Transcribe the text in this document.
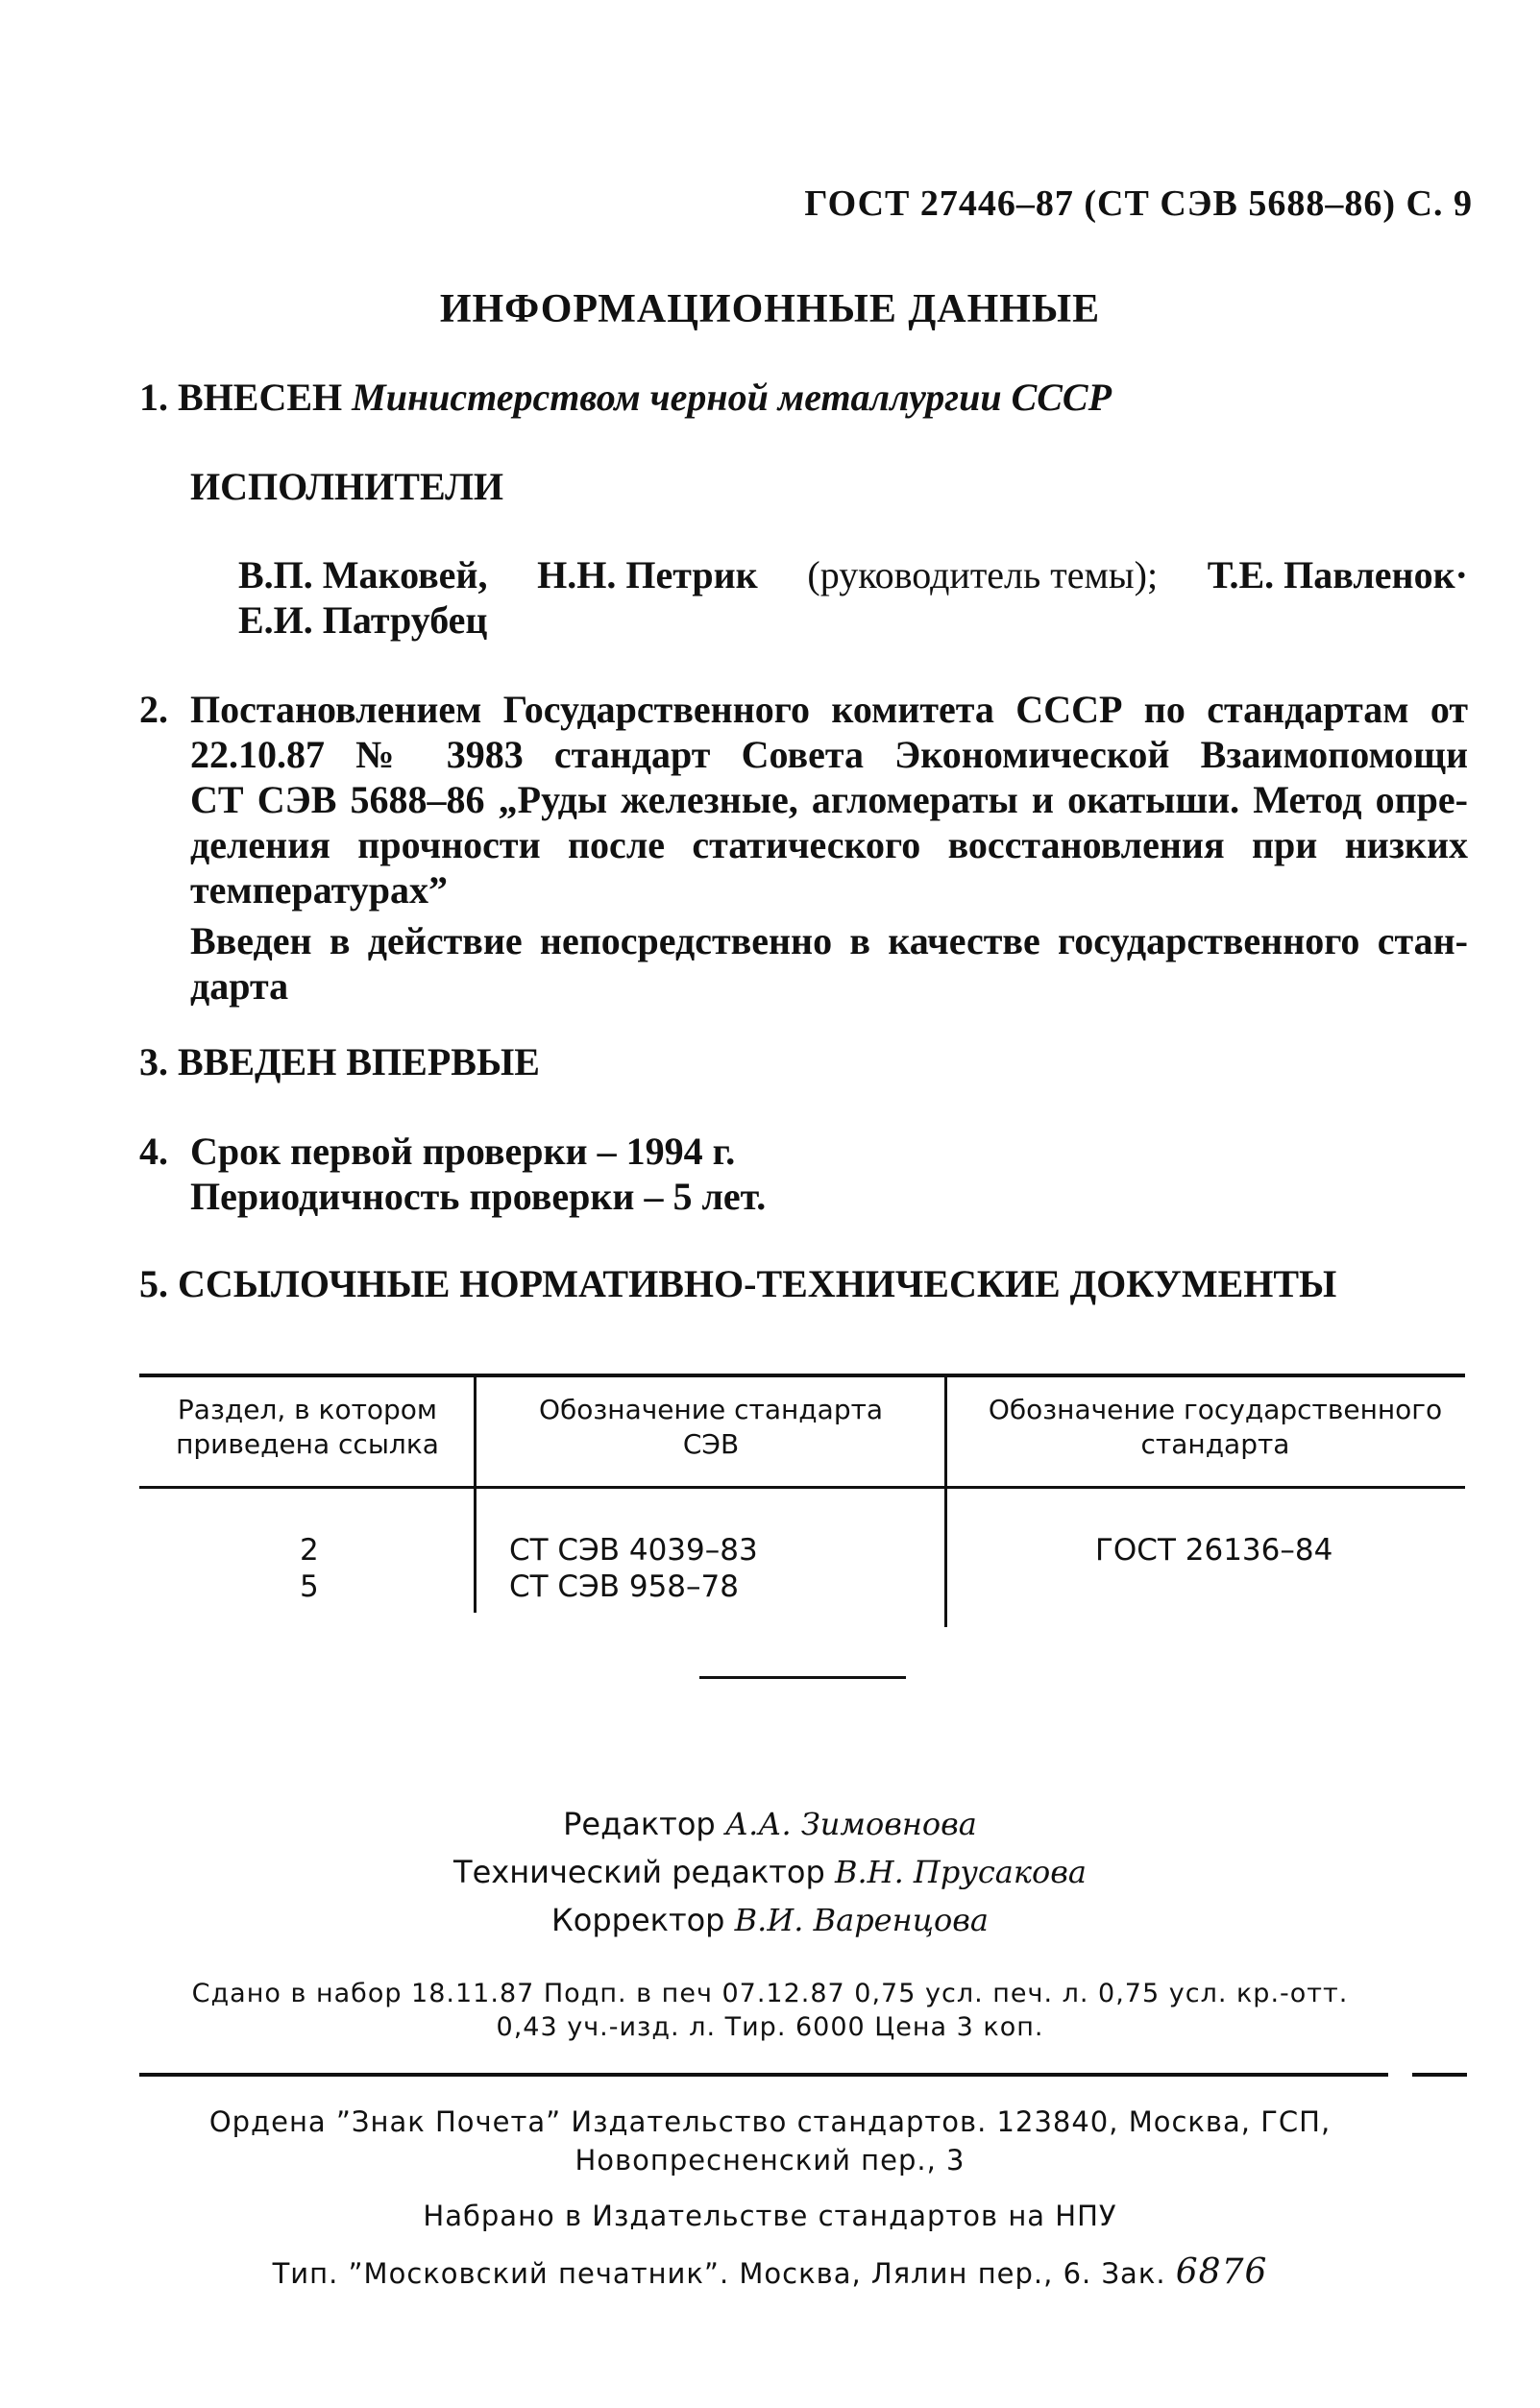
ГОСТ 27446–87 (СТ СЭВ 5688–86) С. 9
ИНФОРМАЦИОННЫЕ ДАННЫЕ
1. ВНЕСЕН Министерством черной металлургии СССР
ИСПОЛНИТЕЛИ
В.П. Маковей, Н.Н. Петрик (руководитель темы); Т.Е. Павленок·
Е.И. Патрубец
2. Постановлением Государственного комитета СССР по стандартам от
22.10.87 № 3983 стандарт Совета Экономической Взаимопомощи
СТ СЭВ 5688–86 „Руды железные, агломераты и окатыши. Метод опре-
деления прочности после статического восстановления при низких
температурах”
Введен в действие непосредственно в качестве государственного стан-
дарта
3. ВВЕДЕН ВПЕРВЫЕ
4. Срок первой проверки – 1994 г.
Периодичность проверки – 5 лет.
5. ССЫЛОЧНЫЕ НОРМАТИВНО-ТЕХНИЧЕСКИЕ ДОКУМЕНТЫ
Раздел, в котором приведена ссылка
Обозначение стандарта СЭВ
Обозначение государственного стандарта
2
5
СТ СЭВ 4039–83
СТ СЭВ 958–78
ГОСТ 26136–84
Редактор А.А. Зимовнова
Технический редактор В.Н. Прусакова
Корректор В.И. Варенцова
Сдано в набор 18.11.87 Подп. в печ 07.12.87 0,75 усл. печ. л. 0,75 усл. кр.-отт.
0,43 уч.-изд. л. Тир. 6000 Цена 3 коп.
Ордена ”Знак Почета” Издательство стандартов. 123840, Москва, ГСП,
Новопресненский пер., 3
Набрано в Издательстве стандартов на НПУ
Тип. ”Московский печатник”. Москва, Лялин пер., 6. Зак. 6876
